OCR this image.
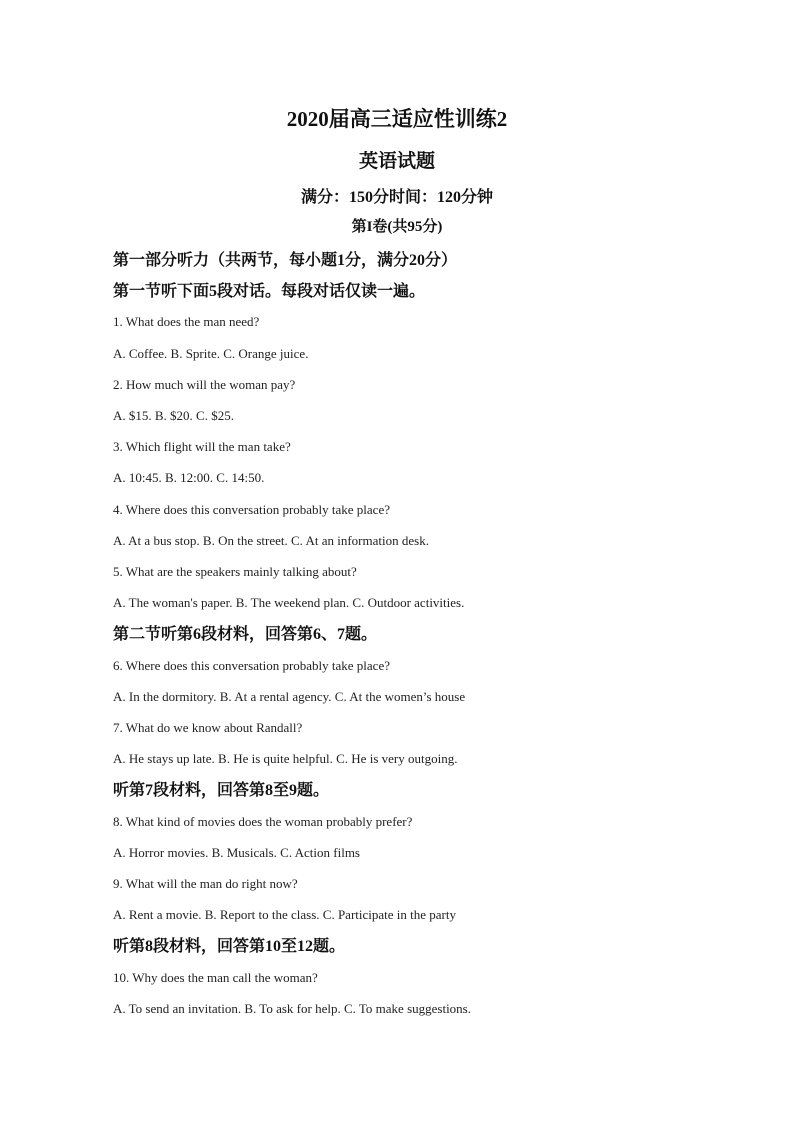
2020届高三适应性训练2
英语试题
满分：150分时间：120分钟
第I卷(共95分)
第一部分听力（共两节，每小题1分，满分20分）
第一节听下面5段对话。每段对话仅读一遍。
1. What does the man need?
A. Coffee. B. Sprite. C. Orange juice.
2. How much will the woman pay?
A. $15. B. $20. C. $25.
3. Which flight will the man take?
A. 10:45. B. 12:00. C. 14:50.
4. Where does this conversation probably take place?
A. At a bus stop. B. On the street. C. At an information desk.
5. What are the speakers mainly talking about?
A. The woman's paper. B. The weekend plan. C. Outdoor activities.
第二节听第6段材料，回答第6、7题。
6. Where does this conversation probably take place?
A. In the dormitory. B. At a rental agency. C. At the women’s house
7. What do we know about Randall?
A. He stays up late. B. He is quite helpful. C. He is very outgoing.
听第7段材料，回答第8至9题。
8. What kind of movies does the woman probably prefer?
A. Horror movies. B. Musicals. C. Action films
9. What will the man do right now?
A. Rent a movie. B. Report to the class. C. Participate in the party
听第8段材料，回答第10至12题。
10. Why does the man call the woman?
A. To send an invitation. B. To ask for help. C. To make suggestions.
